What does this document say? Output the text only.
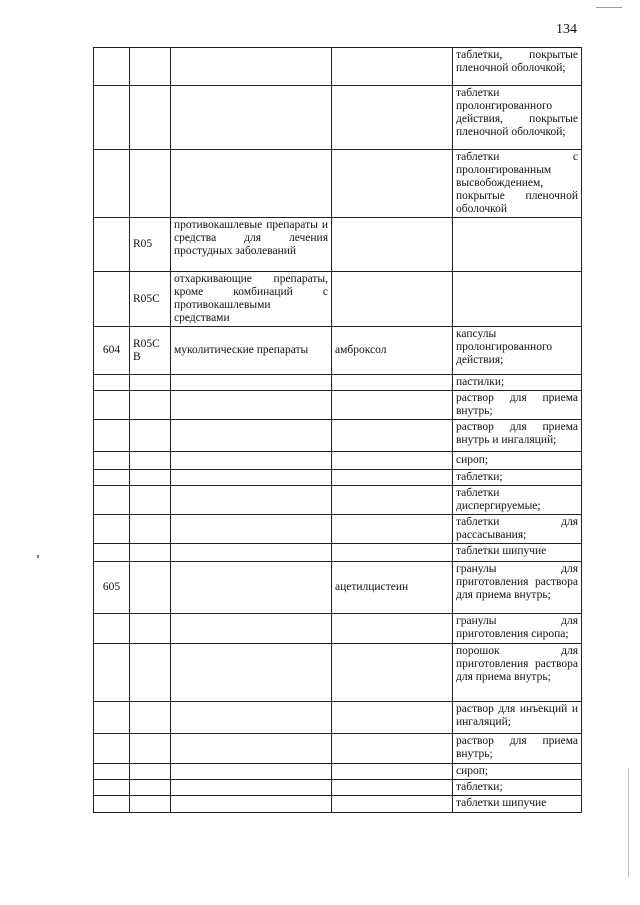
134
				таблетки, покрытые пленочной оболочкой;
				таблетки пролонгированного действия, покрытые пленочной оболочкой;
				таблетки с пролонгированным высвобождением, покрытые пленочной оболочкой
	R05	противокашлевые препараты и средства для лечения простудных заболеваний		
	R05C	отхаркивающие препараты, кроме комбинаций с противокашлевыми средствами		
604	R05C B	муколитические препараты	амброксол	капсулы пролонгированного действия;
				пастилки;
				раствор для приема внутрь;
				раствор для приема внутрь и ингаляций;
				сироп;
				таблетки;
				таблетки диспергируемые;
				таблетки для рассасывания;
				таблетки шипучие
605			ацетилцистеин	гранулы для приготовления раствора для приема внутрь;
				гранулы для приготовления сиропа;
				порошок для приготовления раствора для приема внутрь;
				раствор для инъекций и ингаляций;
				раствор для приема внутрь;
				сироп;
				таблетки;
				таблетки шипучие
